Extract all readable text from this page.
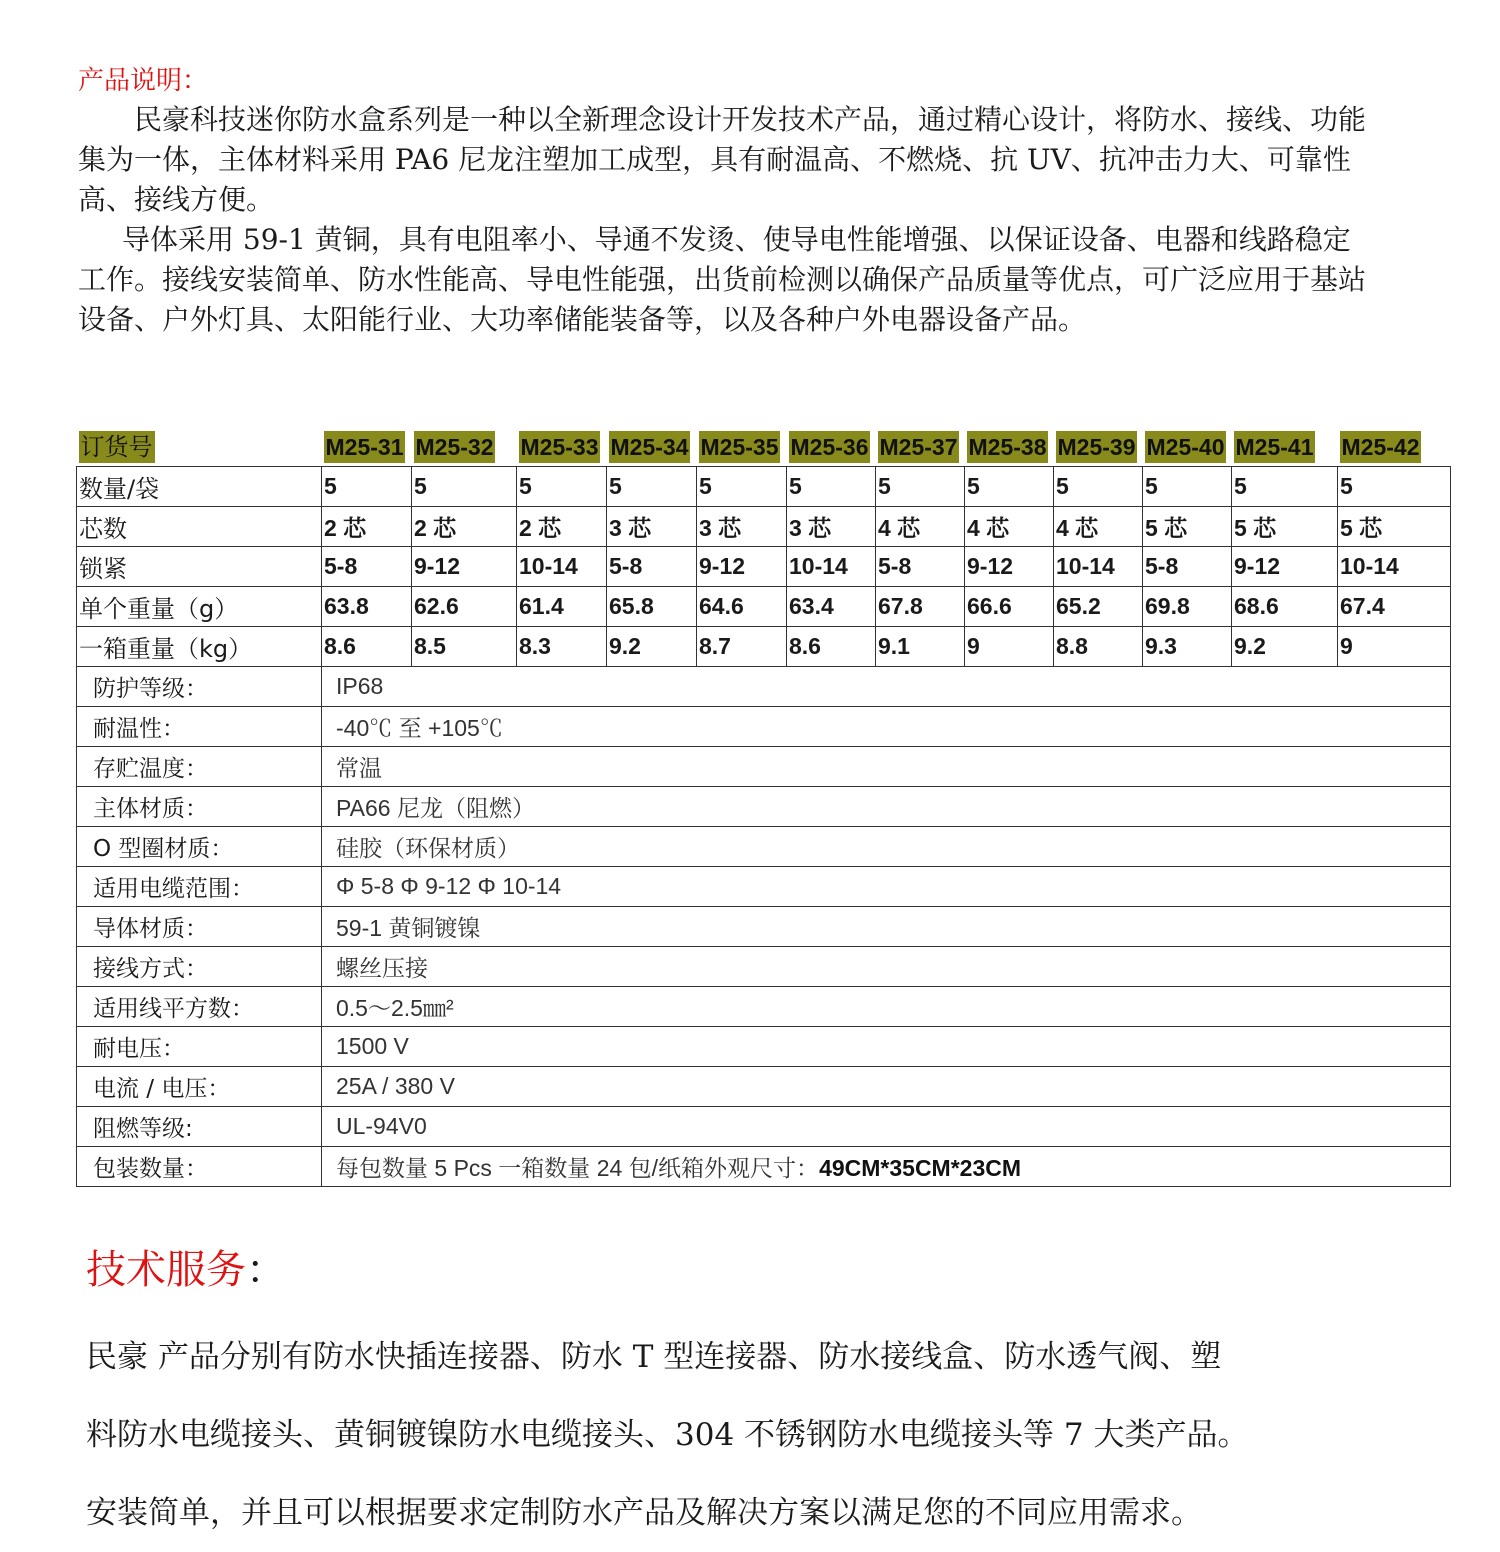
产品说明：

民豪科技迷你防水盒系列是一种以全新理念设计开发技术产品，通过精心设计，将防水、接线、功能集为一体，主体材料采用 PA6 尼龙注塑加工成型，具有耐温高、不燃烧、抗 UV、抗冲击力大、可靠性高、接线方便。

导体采用 59-1 黄铜，具有电阻率小、导通不发烫、使导电性能增强、以保证设备、电器和线路稳定工作。接线安装简单、防水性能高、导电性能强，出货前检测以确保产品质量等优点，可广泛应用于基站设备、户外灯具、太阳能行业、大功率储能装备等，以及各种户外电器设备产品。

订货号	M25-31	M25-32	M25-33	M25-34	M25-35	M25-36	M25-37	M25-38	M25-39	M25-40	M25-41	M25-42
数量/袋	5	5	5	5	5	5	5	5	5	5	5	5
芯数	2 芯	2 芯	2 芯	3 芯	3 芯	3 芯	4 芯	4 芯	4 芯	5 芯	5 芯	5 芯
锁紧	5-8	9-12	10-14	5-8	9-12	10-14	5-8	9-12	10-14	5-8	9-12	10-14
单个重量（g）	63.8	62.6	61.4	65.8	64.6	63.4	67.8	66.6	65.2	69.8	68.6	67.4
一箱重量（kg）	8.6	8.5	8.3	9.2	8.7	8.6	9.1	9	8.8	9.3	9.2	9
防护等级：	IP68											
耐温性：	-40℃ 至 +105℃											
存贮温度：	常温											
主体材质：	PA66 尼龙（阻燃）											
O 型圈材质：	硅胶（环保材质）											
适用电缆范围：	Φ 5-8 Φ 9-12 Φ 10-14											
导体材质：	59-1 黄铜镀镍											
接线方式：	螺丝压接											
适用线平方数：	0.5～2.5㎜²											
耐电压：	1500 V											
电流 / 电压：	25A / 380 V											
阻燃等级:	UL-94V0											
包装数量：	每包数量 5 Pcs 一箱数量 24 包/纸箱外观尺寸：49CM*35CM*23CM											
技术服务：

民豪 产品分别有防水快插连接器、防水 T 型连接器、防水接线盒、防水透气阀、塑

料防水电缆接头、黄铜镀镍防水电缆接头、304 不锈钢防水电缆接头等 7 大类产品。

安装简单，并且可以根据要求定制防水产品及解决方案以满足您的不同应用需求。
